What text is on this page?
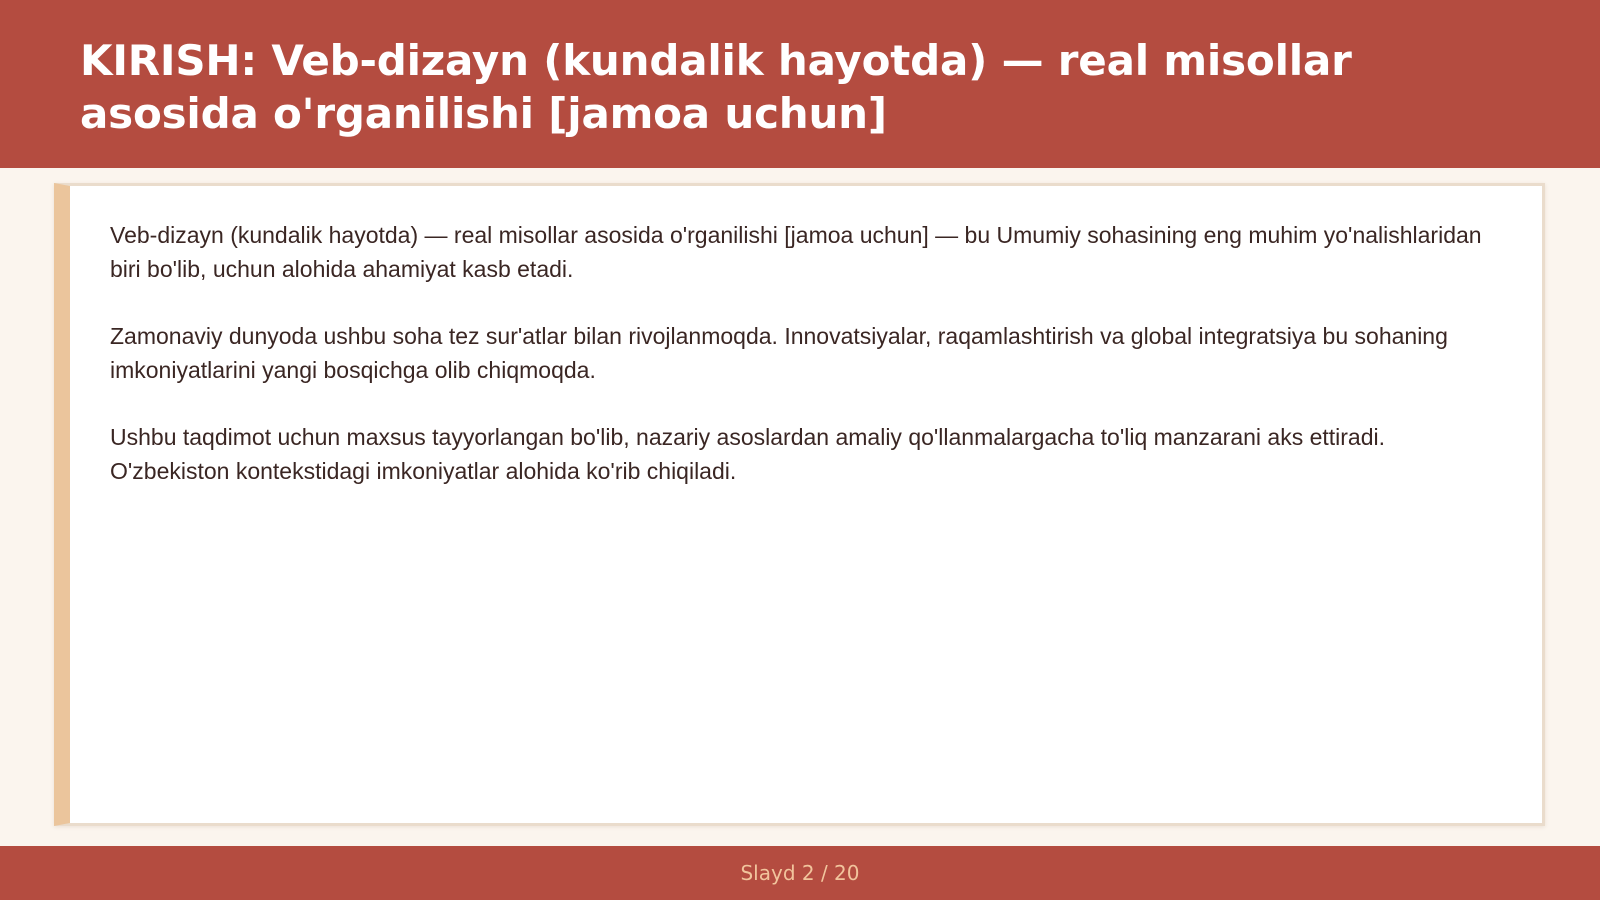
KIRISH: Veb-dizayn (kundalik hayotda) — real misollar asosida o'rganilishi [jamoa uchun]

Veb-dizayn (kundalik hayotda) — real misollar asosida o'rganilishi [jamoa uchun] — bu Umumiy sohasining eng muhim yo'nalishlaridan biri bo'lib, uchun alohida ahamiyat kasb etadi.

Zamonaviy dunyoda ushbu soha tez sur'atlar bilan rivojlanmoqda. Innovatsiyalar, raqamlashtirish va global integratsiya bu sohaning imkoniyatlarini yangi bosqichga olib chiqmoqda.

Ushbu taqdimot uchun maxsus tayyorlangan bo'lib, nazariy asoslardan amaliy qo'llanmalargacha to'liq manzarani aks ettiradi. O'zbekiston kontekstidagi imkoniyatlar alohida ko'rib chiqiladi.

Slayd 2 / 20
